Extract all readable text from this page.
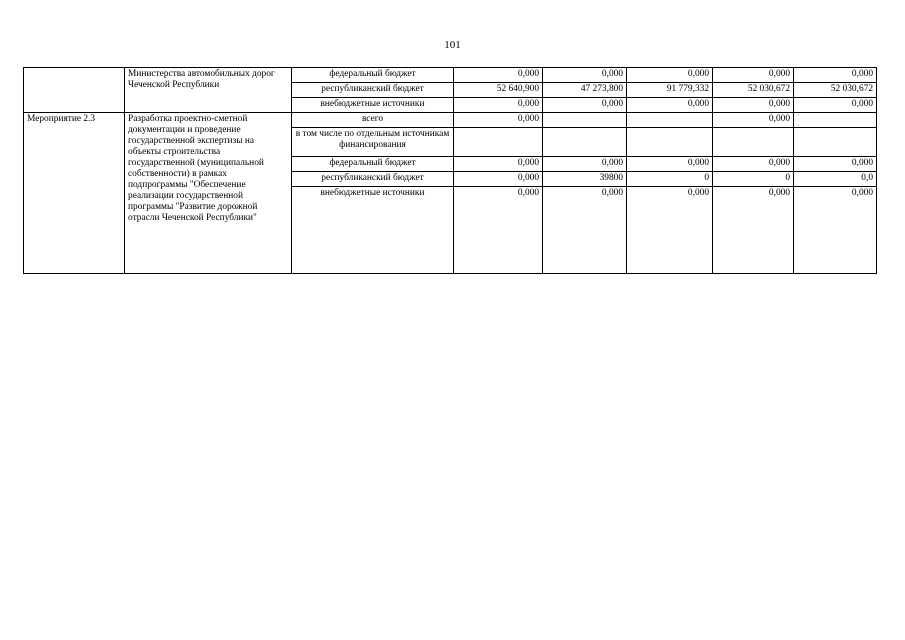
101
	Министерства автомобильных дорог Чеченской Республики	федеральный бюджет	0,000	0,000	0,000	0,000	0,000
		республиканский бюджет	52 640,900	47 273,800	91 779,332	52 030,672	52 030,672
		внебюджетные источники	0,000	0,000	0,000	0,000	0,000
Мероприятие 2.3	Разработка проектно-сметной документации и проведение государственной экспертизы на объекты строительства государственной (муниципальной собственности) в рамках подпрограммы "Обеспечение реализации государственной программы "Развитие дорожной отрасли Чеченской Республики"	всего	0,000			0,000	
		в том числе по отдельным источникам финансирования					
		федеральный бюджет	0,000	0,000	0,000	0,000	0,000
		республиканский бюджет	0,000	39800	0	0	0,0
		внебюджетные источники	0,000	0,000	0,000	0,000	0,000
